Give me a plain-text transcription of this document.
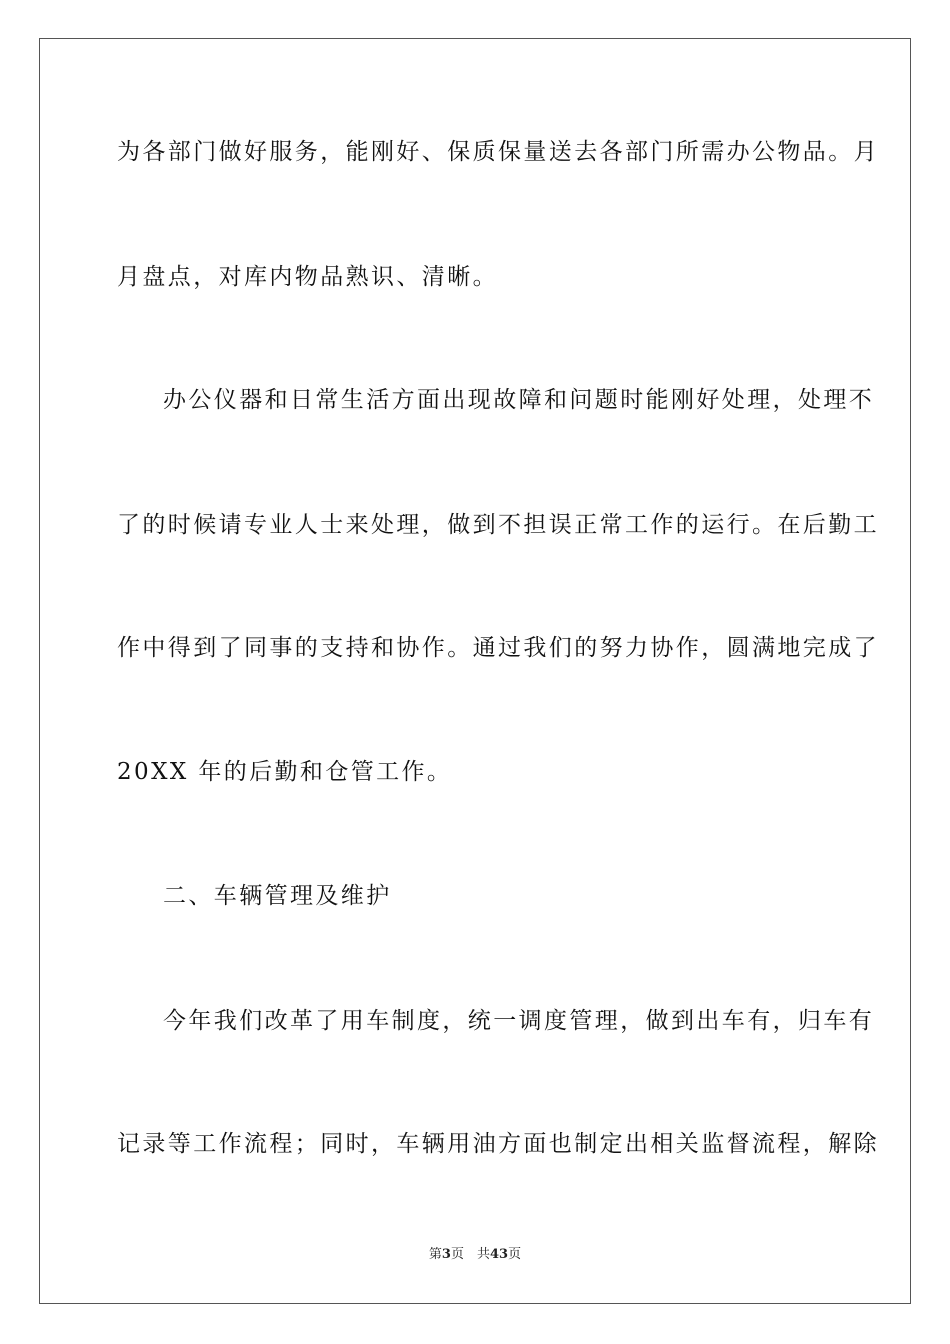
为各部门做好服务，能刚好、保质保量送去各部门所需办公物品。月
月盘点，对库内物品熟识、清晰。
办公仪器和日常生活方面出现故障和问题时能刚好处理，处理不
了的时候请专业人士来处理，做到不担误正常工作的运行。在后勤工
作中得到了同事的支持和协作。通过我们的努力协作，圆满地完成了
20XX 年的后勤和仓管工作。
二、车辆管理及维护
今年我们改革了用车制度，统一调度管理，做到出车有，归车有
记录等工作流程；同时，车辆用油方面也制定出相关监督流程，解除
第3页　共43页
